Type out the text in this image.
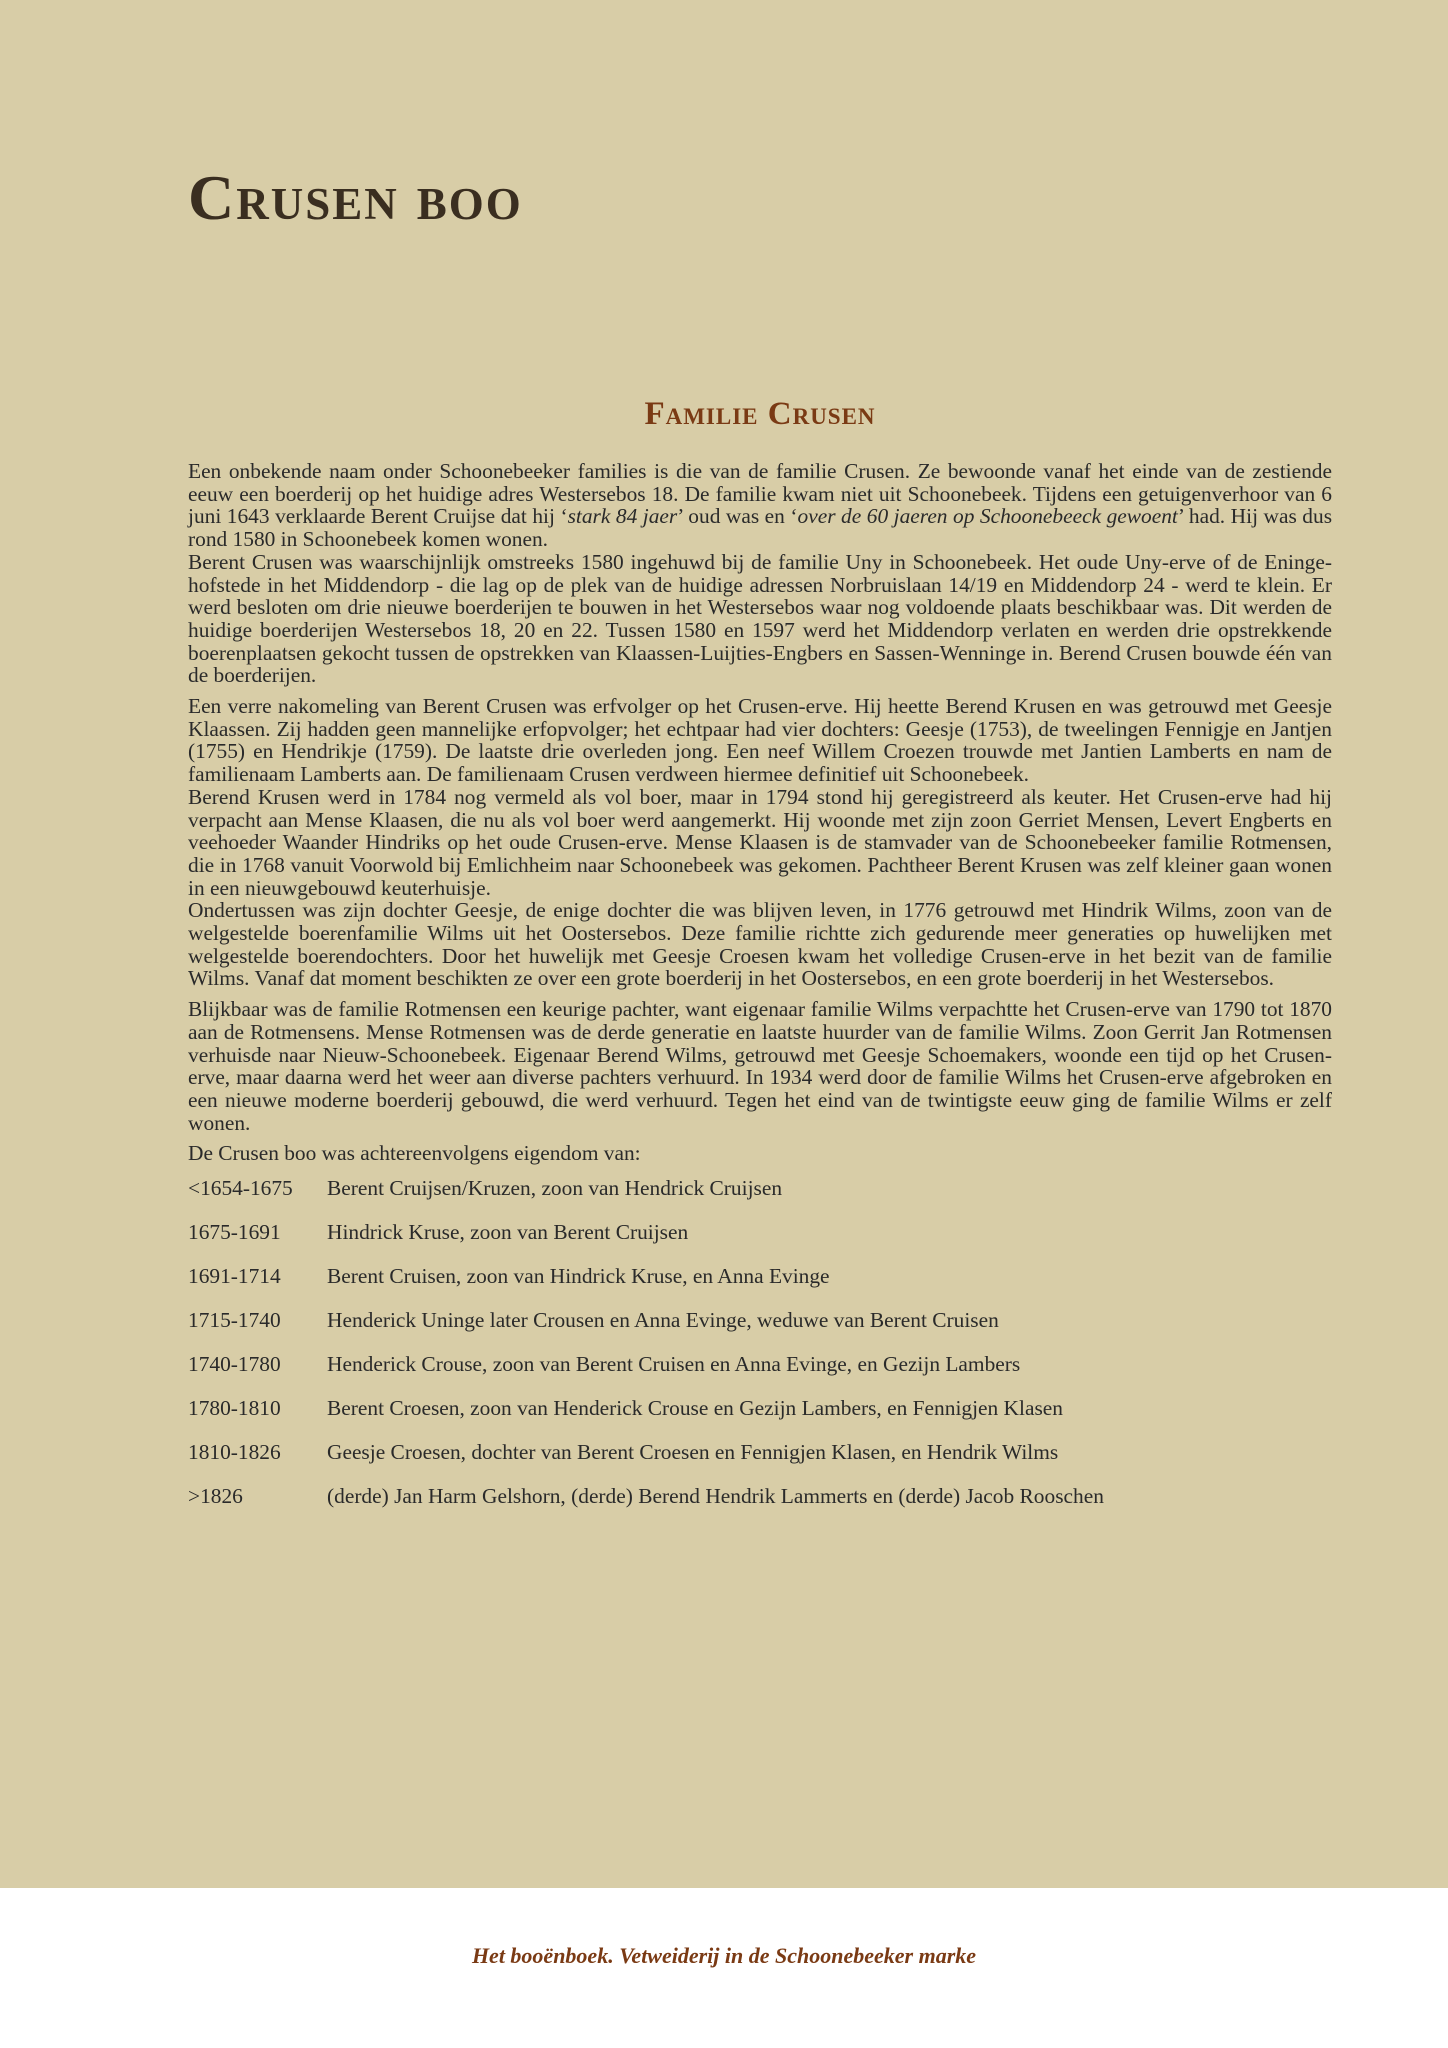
Crusen boo
Familie Crusen

Een onbekende naam onder Schoonebeeker families is die van de familie Crusen. Ze bewoonde vanaf het einde van de zestiende eeuw een boerderij op het huidige adres Westersebos 18. De familie kwam niet uit Schoonebeek. Tijdens een getuigenverhoor van 6 juni 1643 verklaarde Berent Cruijse dat hij ‘stark 84 jaer’ oud was en ‘over de 60 jaeren op Schoonebeeck gewoent’ had. Hij was dus rond 1580 in Schoonebeek komen wonen.

Berent Crusen was waarschijnlijk omstreeks 1580 ingehuwd bij de familie Uny in Schoonebeek. Het oude Uny-erve of de Eninge-hofstede in het Middendorp - die lag op de plek van de huidige adressen Norbruislaan 14/19 en Middendorp 24 - werd te klein. Er werd besloten om drie nieuwe boerderijen te bouwen in het Westersebos waar nog voldoende plaats beschikbaar was. Dit werden de huidige boerderijen Westersebos 18, 20 en 22. Tussen 1580 en 1597 werd het Middendorp verlaten en werden drie opstrekkende boerenplaatsen gekocht tussen de opstrekken van Klaassen-Luijties-Engbers en Sassen-Wenninge in. Berend Crusen bouwde één van de boerderijen.

Een verre nakomeling van Berent Crusen was erfvolger op het Crusen-erve. Hij heette Berend Krusen en was getrouwd met Geesje Klaassen. Zij hadden geen mannelijke erfopvolger; het echtpaar had vier dochters: Geesje (1753), de tweelingen Fennigje en Jantjen (1755) en Hendrikje (1759). De laatste drie overleden jong. Een neef Willem Croezen trouwde met Jantien Lamberts en nam de familienaam Lamberts aan. De familienaam Crusen verdween hiermee definitief uit Schoonebeek.

Berend Krusen werd in 1784 nog vermeld als vol boer, maar in 1794 stond hij geregistreerd als keuter. Het Crusen-erve had hij verpacht aan Mense Klaasen, die nu als vol boer werd aangemerkt. Hij woonde met zijn zoon Gerriet Mensen, Levert Engberts en veehoeder Waander Hindriks op het oude Crusen-erve. Mense Klaasen is de stamvader van de Schoonebeeker familie Rotmensen, die in 1768 vanuit Voorwold bij Emlichheim naar Schoonebeek was gekomen. Pachtheer Berent Krusen was zelf kleiner gaan wonen in een nieuwgebouwd keuterhuisje.

Ondertussen was zijn dochter Geesje, de enige dochter die was blijven leven, in 1776 getrouwd met Hindrik Wilms, zoon van de welgestelde boerenfamilie Wilms uit het Oostersebos. Deze familie richtte zich gedurende meer generaties op huwelijken met welgestelde boerendochters. Door het huwelijk met Geesje Croesen kwam het volledige Crusen-erve in het bezit van de familie Wilms. Vanaf dat moment beschikten ze over een grote boerderij in het Oostersebos, en een grote boerderij in het Westersebos.

Blijkbaar was de familie Rotmensen een keurige pachter, want eigenaar familie Wilms verpachtte het Crusen-erve van 1790 tot 1870 aan de Rotmensens. Mense Rotmensen was de derde generatie en laatste huurder van de familie Wilms. Zoon Gerrit Jan Rotmensen verhuisde naar Nieuw-Schoonebeek. Eigenaar Berend Wilms, getrouwd met Geesje Schoemakers, woonde een tijd op het Crusen-erve, maar daarna werd het weer aan diverse pachters verhuurd. In 1934 werd door de familie Wilms het Crusen-erve afgebroken en een nieuwe moderne boerderij gebouwd, die werd verhuurd. Tegen het eind van de twintigste eeuw ging de familie Wilms er zelf wonen.

De Crusen boo was achtereenvolgens eigendom van:

<1654-1675	Berent Cruijsen/Kruzen, zoon van Hendrick Cruijsen
1675-1691	Hindrick Kruse, zoon van Berent Cruijsen
1691-1714	Berent Cruisen, zoon van Hindrick Kruse, en Anna Evinge
1715-1740	Henderick Uninge later Crousen en Anna Evinge, weduwe van Berent Cruisen
1740-1780	Henderick Crouse, zoon van Berent Cruisen en Anna Evinge, en Gezijn Lambers
1780-1810	Berent Croesen, zoon van Henderick Crouse en Gezijn Lambers, en Fennigjen Klasen
1810-1826	Geesje Croesen, dochter van Berent Croesen en Fennigjen Klasen, en Hendrik Wilms
>1826	(derde) Jan Harm Gelshorn, (derde) Berend Hendrik Lammerts en (derde) Jacob Rooschen
Het booënboek. Vetweiderij in de Schoonebeeker marke
